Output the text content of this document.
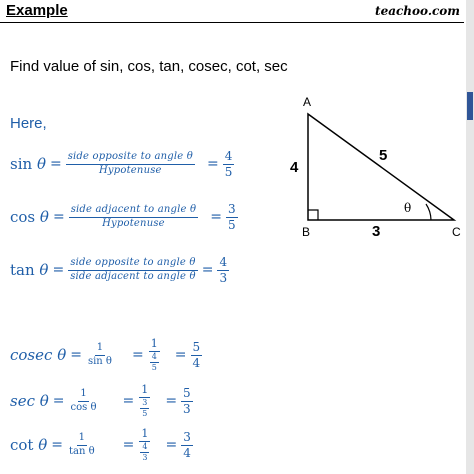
Example	teachoo.com
Find value of sin, cos, tan, cosec, cot, sec
Here,
$\sin \theta = \frac{\text{side opposite to angle θ}}{\text{Hypotenuse}} = \frac{4}{5}$
$\cos \theta = \frac{\text{side adjacent to angle θ}}{\text{Hypotenuse}} = \frac{3}{5}$
$\tan \theta = \frac{\text{side opposite to angle θ}}{\text{side adjacent to angle θ}} = \frac{4}{3}$
cosec $\theta = \frac{1}{\text{sin θ}} = \frac{1}{\frac{4}{5}} = \frac{5}{4}$
$\sec \theta = \frac{1}{\text{cos θ}} = \frac{1}{\frac{3}{5}} = \frac{5}{3}$
$\cot \theta = \frac{1}{\text{tan θ}} = \frac{1}{\frac{4}{3}} = \frac{3}{4}$
A
B	C
4
3
5
θ
